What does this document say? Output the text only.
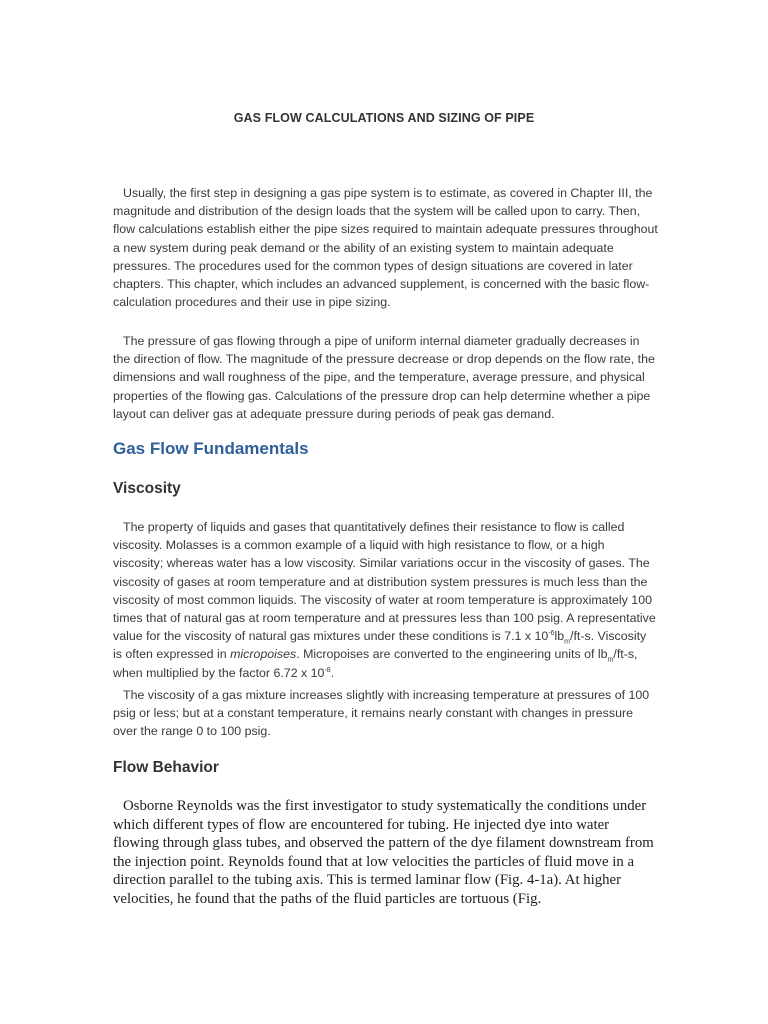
GAS FLOW CALCULATIONS AND SIZING OF PIPE

Usually, the first step in designing a gas pipe system is to estimate, as covered in Chapter III, the magnitude and distribution of the design loads that the system will be called upon to carry. Then, flow calculations establish either the pipe sizes required to maintain adequate pressures throughout a new system during peak demand or the ability of an existing system to maintain adequate pressures. The procedures used for the common types of design situations are covered in later chapters. This chapter, which includes an advanced supplement, is concerned with the basic flow-calculation procedures and their use in pipe sizing.

The pressure of gas flowing through a pipe of uniform internal diameter gradually decreases in the direction of flow. The magnitude of the pressure decrease or drop depends on the flow rate, the dimensions and wall roughness of the pipe, and the temperature, average pressure, and physical properties of the flowing gas. Calculations of the pressure drop can help determine whether a pipe layout can deliver gas at adequate pressure during periods of peak gas demand.

Gas Flow Fundamentals
Viscosity

The property of liquids and gases that quantitatively defines their resistance to flow is called viscosity. Molasses is a common example of a liquid with high resistance to flow, or a high viscosity; whereas water has a low viscosity. Similar variations occur in the viscosity of gases. The viscosity of gases at room temperature and at distribution system pressures is much less than the viscosity of most common liquids. The viscosity of water at room temperature is approximately 100 times that of natural gas at room temperature and at pressures less than 100 psig. A representative value for the viscosity of natural gas mixtures under these conditions is 7.1 x $10^{-6}lb_m/ft-s$. Viscosity is often expressed in micropoises. Micropoises are converted to the engineering units of $lb_m/ft-s$, when multiplied by the factor 6.72 x $10^{-8}$.

The viscosity of a gas mixture increases slightly with increasing temperature at pressures of 100 psig or less; but at a constant temperature, it remains nearly constant with changes in pressure over the range 0 to 100 psig.

Flow Behavior

Osborne Reynolds was the first investigator to study systematically the conditions under which different types of flow are encountered for tubing. He injected dye into water flowing through glass tubes, and observed the pattern of the dye filament downstream from the injection point. Reynolds found that at low velocities the particles of fluid move in a direction parallel to the tubing axis. This is termed laminar flow (Fig. 4-1a). At higher velocities, he found that the paths of the fluid particles are tortuous (Fig.
